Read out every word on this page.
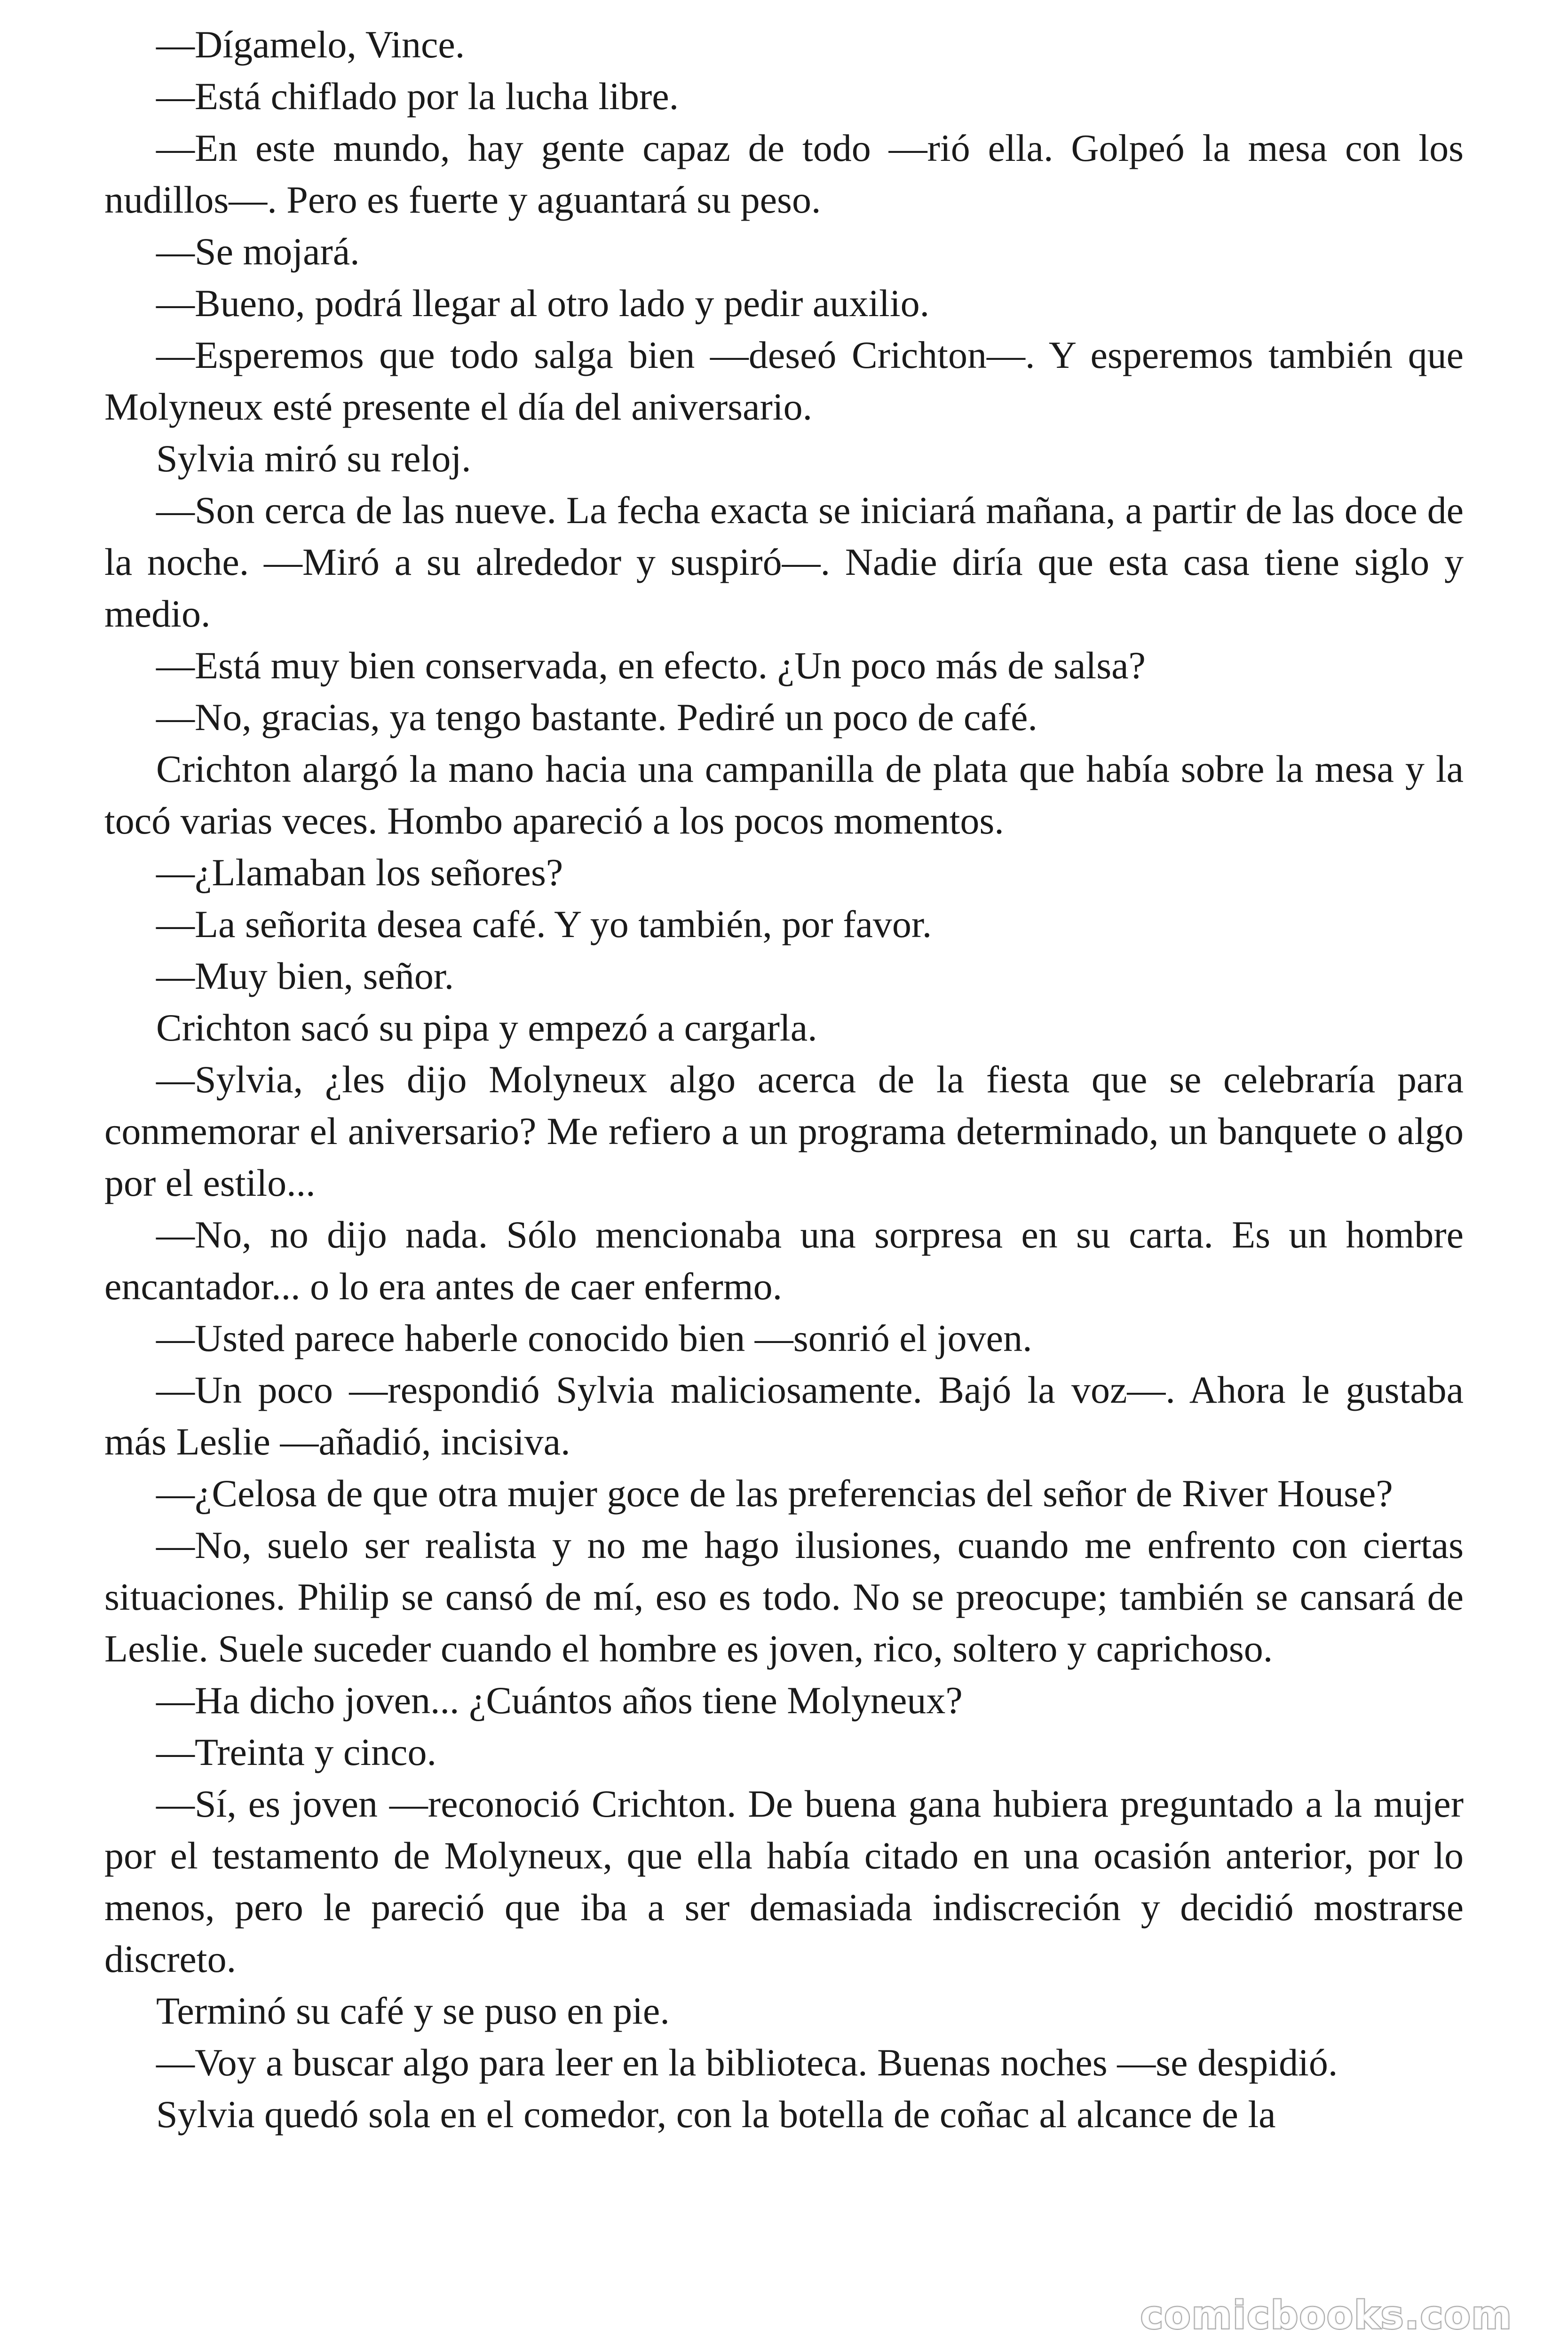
—Dígamelo, Vince.

—Está chiflado por la lucha libre.

—En este mundo, hay gente capaz de todo —rió ella. Golpeó la mesa con los nudillos—. Pero es fuerte y aguantará su peso.

—Se mojará.

—Bueno, podrá llegar al otro lado y pedir auxilio.

—Esperemos que todo salga bien —deseó Crichton—. Y esperemos también que Molyneux esté presente el día del aniversario.

Sylvia miró su reloj.

—Son cerca de las nueve. La fecha exacta se iniciará mañana, a partir de las doce de la noche. —Miró a su alrededor y suspiró—. Nadie diría que esta casa tiene siglo y medio.

—Está muy bien conservada, en efecto. ¿Un poco más de salsa?

—No, gracias, ya tengo bastante. Pediré un poco de café.

Crichton alargó la mano hacia una campanilla de plata que había sobre la mesa y la tocó varias veces. Hombo apareció a los pocos momentos.

—¿Llamaban los señores?

—La señorita desea café. Y yo también, por favor.

—Muy bien, señor.

Crichton sacó su pipa y empezó a cargarla.

—Sylvia, ¿les dijo Molyneux algo acerca de la fiesta que se celebraría para conmemorar el aniversario? Me refiero a un programa determinado, un banquete o algo por el estilo...

—No, no dijo nada. Sólo mencionaba una sorpresa en su carta. Es un hombre encantador... o lo era antes de caer enfermo.

—Usted parece haberle conocido bien —sonrió el joven.

—Un poco —respondió Sylvia maliciosamente. Bajó la voz—. Ahora le gustaba más Leslie —añadió, incisiva.

—¿Celosa de que otra mujer goce de las preferencias del señor de River House?

—No, suelo ser realista y no me hago ilusiones, cuando me enfrento con ciertas situaciones. Philip se cansó de mí, eso es todo. No se preocupe; también se cansará de Leslie. Suele suceder cuando el hombre es joven, rico, soltero y caprichoso.

—Ha dicho joven... ¿Cuántos años tiene Molyneux?

—Treinta y cinco.

—Sí, es joven —reconoció Crichton. De buena gana hubiera preguntado a la mujer por el testamento de Molyneux, que ella había citado en una ocasión anterior, por lo menos, pero le pareció que iba a ser demasiada indiscreción y decidió mostrarse discreto.

Terminó su café y se puso en pie.

—Voy a buscar algo para leer en la biblioteca. Buenas noches —se despidió.

Sylvia quedó sola en el comedor, con la botella de coñac al alcance de la

comicbooks.com
